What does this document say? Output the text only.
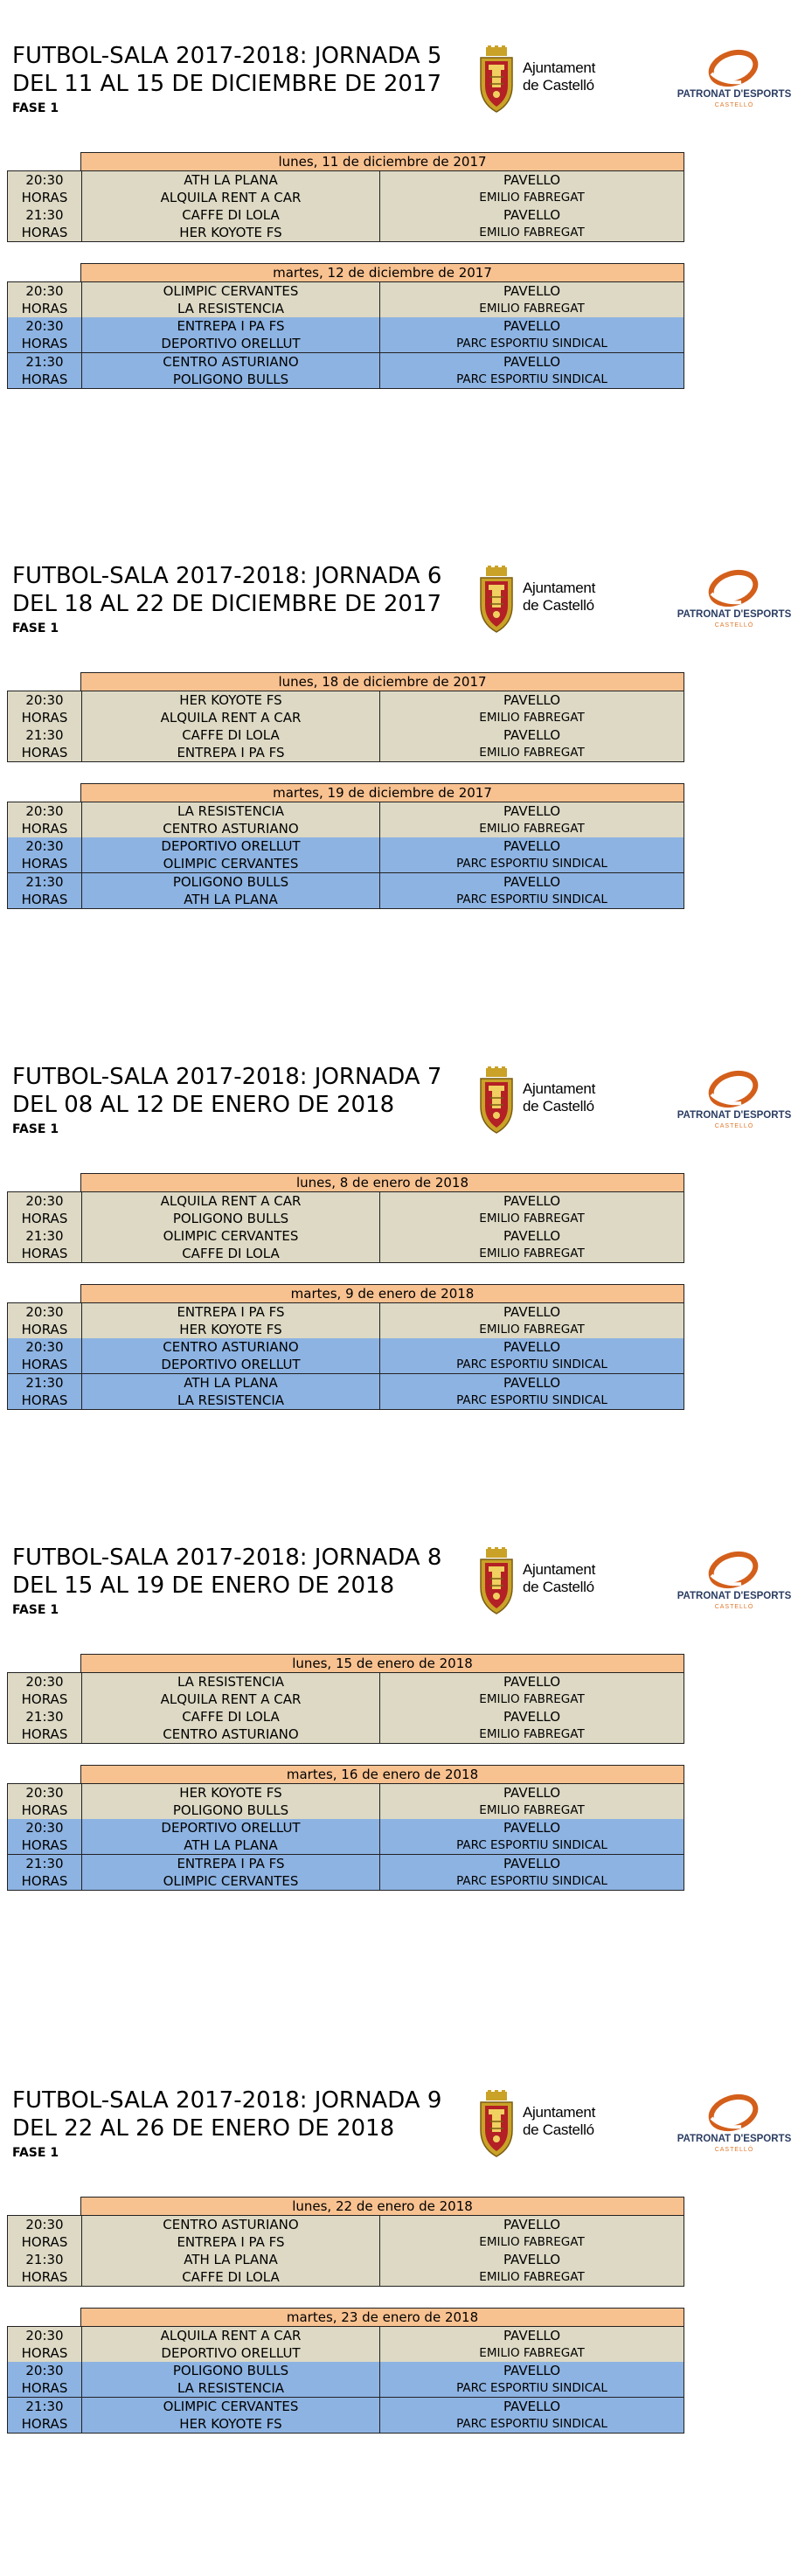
FUTBOL-SALA 2017-2018: JORNADA 5
DEL 11 AL 15 DE DICIEMBRE DE 2017
FASE 1
Ajuntament
de Castelló
PATRONAT D'ESPORTS
CASTELLÓ
lunes, 11 de diciembre de 2017
20:30
HORAS
ATH LA PLANA
ALQUILA RENT A CAR
PAVELLO
EMILIO FABREGAT
21:30
HORAS
CAFFE DI LOLA
HER KOYOTE FS
PAVELLO
EMILIO FABREGAT
martes, 12 de diciembre de 2017
20:30
HORAS
OLIMPIC CERVANTES
LA RESISTENCIA
PAVELLO
EMILIO FABREGAT
20:30
HORAS
ENTREPA I PA FS
DEPORTIVO ORELLUT
PAVELLO
PARC ESPORTIU SINDICAL
21:30
HORAS
CENTRO ASTURIANO
POLIGONO BULLS
PAVELLO
PARC ESPORTIU SINDICAL
FUTBOL-SALA 2017-2018: JORNADA 6
DEL 18 AL 22 DE DICIEMBRE DE 2017
FASE 1
Ajuntament
de Castelló
PATRONAT D'ESPORTS
CASTELLÓ
lunes, 18 de diciembre de 2017
20:30
HORAS
HER KOYOTE FS
ALQUILA RENT A CAR
PAVELLO
EMILIO FABREGAT
21:30
HORAS
CAFFE DI LOLA
ENTREPA I PA FS
PAVELLO
EMILIO FABREGAT
martes, 19 de diciembre de 2017
20:30
HORAS
LA RESISTENCIA
CENTRO ASTURIANO
PAVELLO
EMILIO FABREGAT
20:30
HORAS
DEPORTIVO ORELLUT
OLIMPIC CERVANTES
PAVELLO
PARC ESPORTIU SINDICAL
21:30
HORAS
POLIGONO BULLS
ATH LA PLANA
PAVELLO
PARC ESPORTIU SINDICAL
FUTBOL-SALA 2017-2018: JORNADA 7
DEL 08 AL 12 DE ENERO DE 2018
FASE 1
Ajuntament
de Castelló
PATRONAT D'ESPORTS
CASTELLÓ
lunes, 8 de enero de 2018
20:30
HORAS
ALQUILA RENT A CAR
POLIGONO BULLS
PAVELLO
EMILIO FABREGAT
21:30
HORAS
OLIMPIC CERVANTES
CAFFE DI LOLA
PAVELLO
EMILIO FABREGAT
martes, 9 de enero de 2018
20:30
HORAS
ENTREPA I PA FS
HER KOYOTE FS
PAVELLO
EMILIO FABREGAT
20:30
HORAS
CENTRO ASTURIANO
DEPORTIVO ORELLUT
PAVELLO
PARC ESPORTIU SINDICAL
21:30
HORAS
ATH LA PLANA
LA RESISTENCIA
PAVELLO
PARC ESPORTIU SINDICAL
FUTBOL-SALA 2017-2018: JORNADA 8
DEL 15 AL 19 DE ENERO DE 2018
FASE 1
Ajuntament
de Castelló
PATRONAT D'ESPORTS
CASTELLÓ
lunes, 15 de enero de 2018
20:30
HORAS
LA RESISTENCIA
ALQUILA RENT A CAR
PAVELLO
EMILIO FABREGAT
21:30
HORAS
CAFFE DI LOLA
CENTRO ASTURIANO
PAVELLO
EMILIO FABREGAT
martes, 16 de enero de 2018
20:30
HORAS
HER KOYOTE FS
POLIGONO BULLS
PAVELLO
EMILIO FABREGAT
20:30
HORAS
DEPORTIVO ORELLUT
ATH LA PLANA
PAVELLO
PARC ESPORTIU SINDICAL
21:30
HORAS
ENTREPA I PA FS
OLIMPIC CERVANTES
PAVELLO
PARC ESPORTIU SINDICAL
FUTBOL-SALA 2017-2018: JORNADA 9
DEL 22 AL 26 DE ENERO DE 2018
FASE 1
Ajuntament
de Castelló
PATRONAT D'ESPORTS
CASTELLÓ
lunes, 22 de enero de 2018
20:30
HORAS
CENTRO ASTURIANO
ENTREPA I PA FS
PAVELLO
EMILIO FABREGAT
21:30
HORAS
ATH LA PLANA
CAFFE DI LOLA
PAVELLO
EMILIO FABREGAT
martes, 23 de enero de 2018
20:30
HORAS
ALQUILA RENT A CAR
DEPORTIVO ORELLUT
PAVELLO
EMILIO FABREGAT
20:30
HORAS
POLIGONO BULLS
LA RESISTENCIA
PAVELLO
PARC ESPORTIU SINDICAL
21:30
HORAS
OLIMPIC CERVANTES
HER KOYOTE FS
PAVELLO
PARC ESPORTIU SINDICAL
